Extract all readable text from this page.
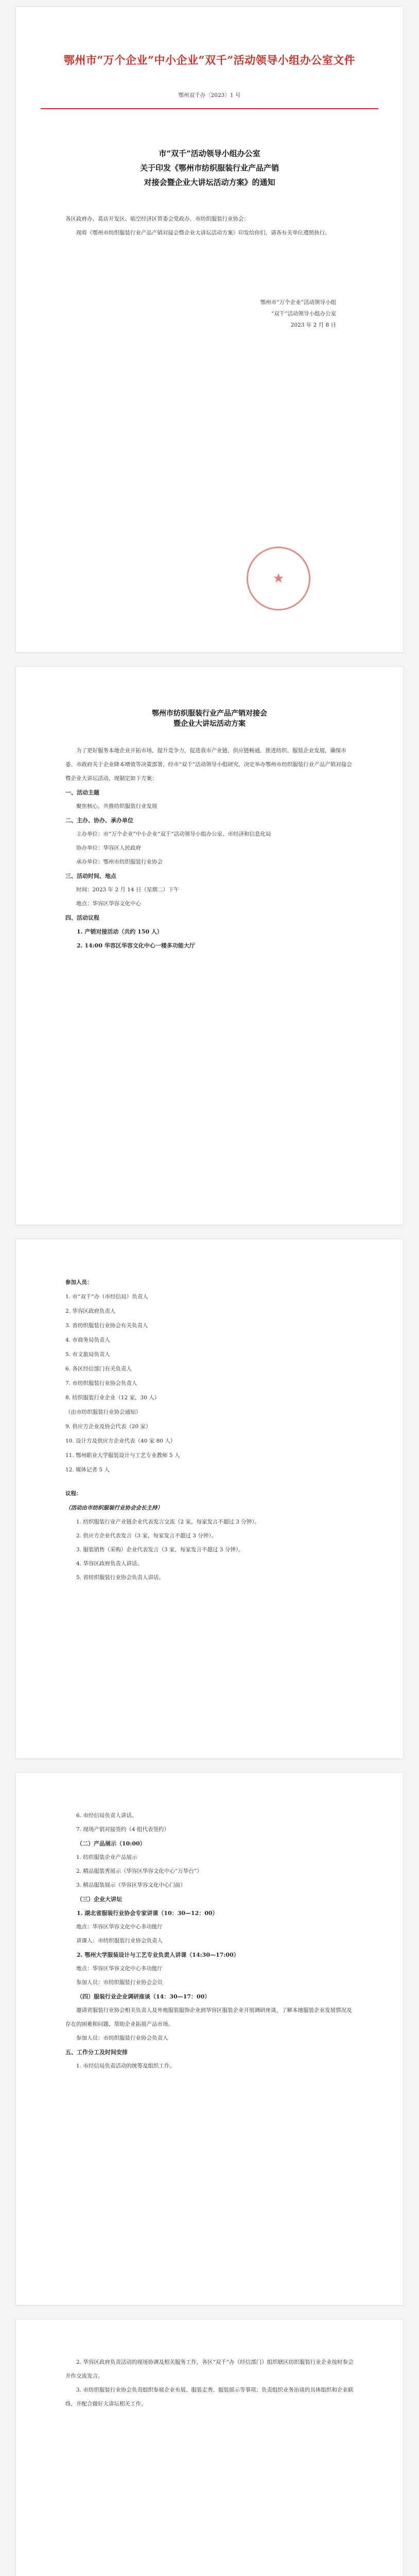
鄂州市“万个企业”中小企业“双千”活动领导小组办公室文件
鄂州双千办〔2023〕1 号
市“双千”活动领导小组办公室
关于印发《鄂州市纺织服装行业产品产销
对接会暨企业大讲坛活动方案》的通知

各区政府办、葛店开发区、临空经济区管委会党政办，市纺织服装行业协会：

现将《鄂州市纺织服装行业产品产销对接会暨企业大讲坛活动方案》印发给你们，请各有关单位遵照执行。

鄂州市“万个企业”活动领导小组
“双千”活动领导小组办公室
2023 年 2 月 8 日
★
鄂州市纺织服装行业产品产销对接会
暨企业大讲坛活动方案

为了更好服务本地企业开拓市场，提升竞争力，促进我市产业链、供应链畅通，推进纺织、服装企业发展，确保市委、市政府关于企业降本增效等决策部署，经市“双千”活动领导小组研究，决定举办鄂州市纺织服装行业产品产销对接会暨企业大讲坛活动，现制定如下方案：

一、活动主题

聚焦核心，共推纺织服装行业发展

二、主办、协办、承办单位

主办单位：市“万个企业”中小企业“双千”活动领导小组办公室、市经济和信息化局

协办单位：华容区人民政府

承办单位：鄂州市纺织服装行业协会

三、活动时间、地点

时间：2023 年 2 月 14 日（星期二）下午

地点：华容区华容文化中心

四、活动议程

1. 产销对接活动（共约 150 人）

2. 14:00 华容区华容文化中心一楼多功能大厅

参加人员：
1. 市“双千”办（市经信局）负责人
2. 华容区政府负责人
3. 省纺织服装行业协会有关负责人
4. 市商务局负责人
5. 市文旅局负责人
6. 各区经信部门有关负责人
7. 市纺织服装行业协会负责人
8. 纺织服装行业企业（12 家，30 人）
（由市纺织服装行业协会通知）
9. 供应方企业及协会代表（20 家）
10. 设计方及供应方企业代表（40 家 80 人）
11. 鄂州职业大学服装设计与工艺专业教师 5 人
12. 媒体记者 5 人
议程：
（活动由市纺织服装行业协会会长主持）

1. 纺织服装行业产业链企业代表发言交流（2 家，每家发言不超过 3 分钟）。

2. 供应方企业代表发言（3 家，每家发言不超过 3 分钟）。

3. 服装销售（采购）企业代表发言（3 家，每家发言不超过 3 分钟）。

4. 华容区政府负责人讲话。

5. 省纺织服装行业协会负责人讲话。

6. 市经信局负责人讲话。

7. 现场产销对接签约（4 组代表签约）

（二）产品展示（10:00）

1. 纺织服装企业产品展示

2. 精品服装秀展示（华容区华容文化中心“万华台”）

3. 精品服装展示（华容区华容文化中心门前）

（三）企业大讲坛

1. 湖北省服装行业协会专家讲课（10：30—12：00）

地点：华容区华容文化中心多功能厅

讲课人：市纺织服装行业协会负责人

2. 鄂州大学服装设计与工艺专业负责人讲课（14:30—17:00）

地点：华容区华容文化中心多功能厅

参加人员：市纺织服装行业协会会员

（四）服装行业企业调研座谈（14：30—17：00）

邀请省服装行业协会相关负责人及外地服装服饰企业到华容区服装企业开展调研座谈，了解本地服装企业发展情况及存在的困难和问题，帮助企业拓展产品市场。

参加人员：市纺织服装行业协会负责人

五、工作分工及时间安排

1. 市经信局负责活动的统筹及组织工作。

2. 华容区政府负责活动的现场协调及相关服务工作，各区“双千”办（经信部门）组织辖区纺织服装行业企业按时参会并作交流发言。

3. 市纺织服装行业协会负责组织参展企业布展、服装走秀、服装展示等事项；负责组织业务治谈的具体组织和企业联络，并配合做好大讲坛相关工作。
